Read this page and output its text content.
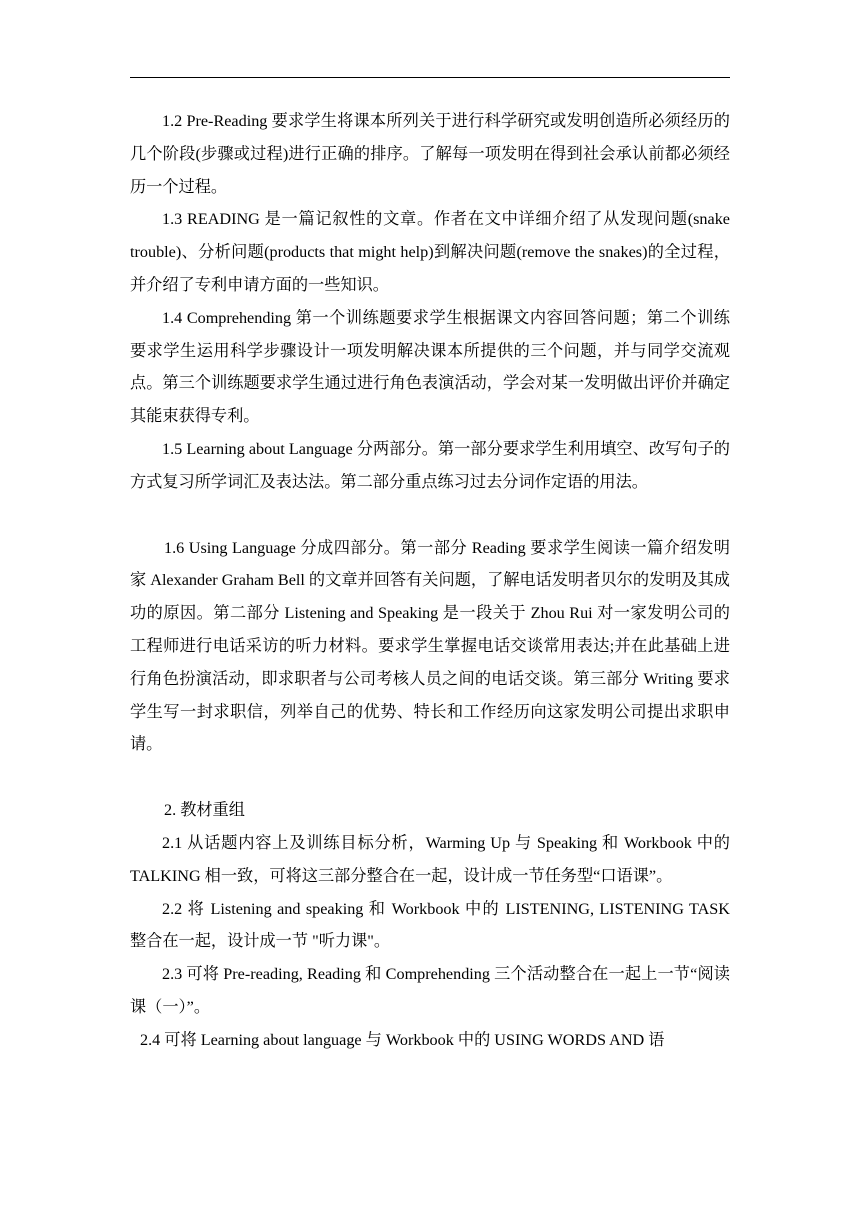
1.2 Pre-Reading 要求学生将课本所列关于进行科学研究或发明创造所必须经历的几个阶段(步骤或过程)进行正确的排序。了解每一项发明在得到社会承认前都必须经历一个过程。

1.3 READING 是一篇记叙性的文章。作者在文中详细介绍了从发现问题(snake trouble)、分析问题(products that might help)到解决问题(remove the snakes)的全过程，并介绍了专利申请方面的一些知识。

1.4 Comprehending 第一个训练题要求学生根据课文内容回答问题；第二个训练要求学生运用科学步骤设计一项发明解决课本所提供的三个问题，并与同学交流观点。第三个训练题要求学生通过进行角色表演活动，学会对某一发明做出评价并确定其能束获得专利。

1.5 Learning about Language 分两部分。第一部分要求学生利用填空、改写句子的方式复习所学词汇及表达法。第二部分重点练习过去分词作定语的用法。

1.6 Using Language 分成四部分。第一部分 Reading 要求学生阅读一篇介绍发明家 Alexander Graham Bell 的文章并回答有关问题，了解电话发明者贝尔的发明及其成功的原因。第二部分 Listening and Speaking 是一段关于 Zhou Rui 对一家发明公司的工程师进行电话采访的听力材料。要求学生掌握电话交谈常用表达;并在此基础上进行角色扮演活动，即求职者与公司考核人员之间的电话交谈。第三部分 Writing 要求学生写一封求职信，列举自己的优势、特长和工作经历向这家发明公司提出求职申请。

2. 教材重组

2.1 从话题内容上及训练目标分析，Warming Up 与 Speaking 和 Workbook 中的 TALKING 相一致，可将这三部分整合在一起，设计成一节任务型“口语课”。

2.2 将 Listening and speaking 和 Workbook 中的 LISTENING, LISTENING TASK 整合在一起，设计成一节 "听力课"。

2.3 可将 Pre-reading, Reading 和 Comprehending 三个活动整合在一起上一节“阅读课（一）”。

2.4 可将 Learning about language 与 Workbook 中的 USING WORDS AND 语
